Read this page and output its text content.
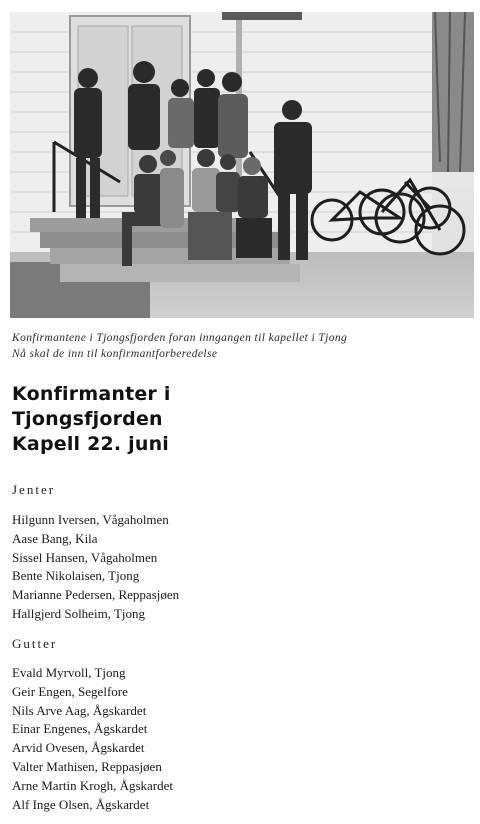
Konfirmantene i Tjongsfjorden foran inngangen til kapellet i Tjong
Nå skal de inn til konfirmantforberedelse
Konfirmanter i
Tjongsfjorden
Kapell 22. juni
Jenter
Hilgunn Iversen, Vågaholmen
Aase Bang, Kila
Sissel Hansen, Vågaholmen
Bente Nikolaisen, Tjong
Marianne Pedersen, Reppasjøen
Hallgjerd Solheim, Tjong
Gutter
Evald Myrvoll, Tjong
Geir Engen, Segelfore
Nils Arve Aag, Ågskardet
Einar Engenes, Ågskardet
Arvid Ovesen, Ågskardet
Valter Mathisen, Reppasjøen
Arne Martin Krogh, Ågskardet
Alf Inge Olsen, Ågskardet
